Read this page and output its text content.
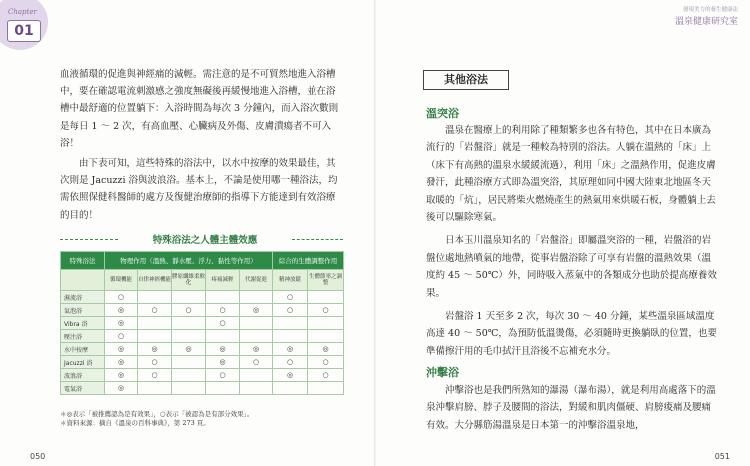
Chapter
01
發現美力的養生健康法
溫泉健康研究室

血液循環的促進與神經痛的減輕。需注意的是不可貿然地進入浴槽中，要在確認電流刺激感之強度無礙後再緩慢地進入浴槽，並在浴槽中最舒適的位置躺下：入浴時間為每次 3 分鐘內，而入浴次數則是每日 1 ～ 2 次，有高血壓、心臟病及外傷、皮膚潰瘍者不可入浴！

由下表可知，這些特殊的浴法中，以水中按摩的效果最佳，其次則是 Jacuzzi 浴與波浪浴。基本上，不論是使用哪一種浴法，均需依照保健科醫師的處方及復健治療師的指導下方能達到有效浴療的目的！

特殊浴法之人體主體效應
特殊浴法	物理作用（溫熱、靜水壓、浮力、黏性等作用）					綜合的生體調整作用	
	循環機能	自律神經機能	膠原纖維柔軟化	疼痛減輕	代謝促進	精神放鬆	生體節率之調整
濕流浴	○					○	
氣泡浴	◎	○	○	○	◎	○	○
Vibra 浴	◎			○			
壓注浴	○						
水中按摩	◎	◎	◎	◎	◎	◎	◎
Jacuzzi 浴	◎	○		◎	○	○	○
波浪浴	◎	○		○		◎	○
電氣浴	◎						
＊◎表示「被推薦認為是有效果」，○表示「被認為是有部分效果」。
＊資料來源：摘自《溫泉の百科事典》，第 273 頁。
050
其他浴法
溫突浴

溫泉在醫療上的利用除了種類繁多也各有特色，其中在日本廣為流行的「岩盤浴」就是一種較為特別的浴法。人躺在溫熱的「床」上（床下有高熱的溫泉水緩緩流過），利用「床」之溫熱作用，促進皮膚發汗，此種浴療方式即為溫突浴，其原理如同中國大陸東北地區冬天取暖的「炕」，居民將柴火燃燒產生的熱氣用來烘暖石板，身體躺上去後可以驅除寒氣。

日本玉川溫泉知名的「岩盤浴」即屬溫突浴的一種，岩盤浴的岩盤位處地熱噴氣的地帶，從事岩盤浴除了可享有岩盤的溫熱效果（溫度約 45 ～ 50℃）外，同時吸入蒸氣中的各類成分也助於提高療養效果。

岩盤浴 1 天至多 2 次，每次 30 ～ 40 分鐘，某些溫泉區域溫度高達 40 ～ 50℃，為預防低溫燙傷，必須隨時更換躺臥的位置，也要準備擦汗用的毛巾拭汗且浴後不忘補充水分。

沖擊浴

沖擊浴也是我們所熟知的瀑湯（瀑布湯），就是利用高處落下的溫泉沖擊肩膀、脖子及腰間的浴法，對緩和肌肉僵硬、肩膀痠痛及腰痛有效。大分縣筋湯溫泉是日本第一的沖擊浴溫泉地，

051
